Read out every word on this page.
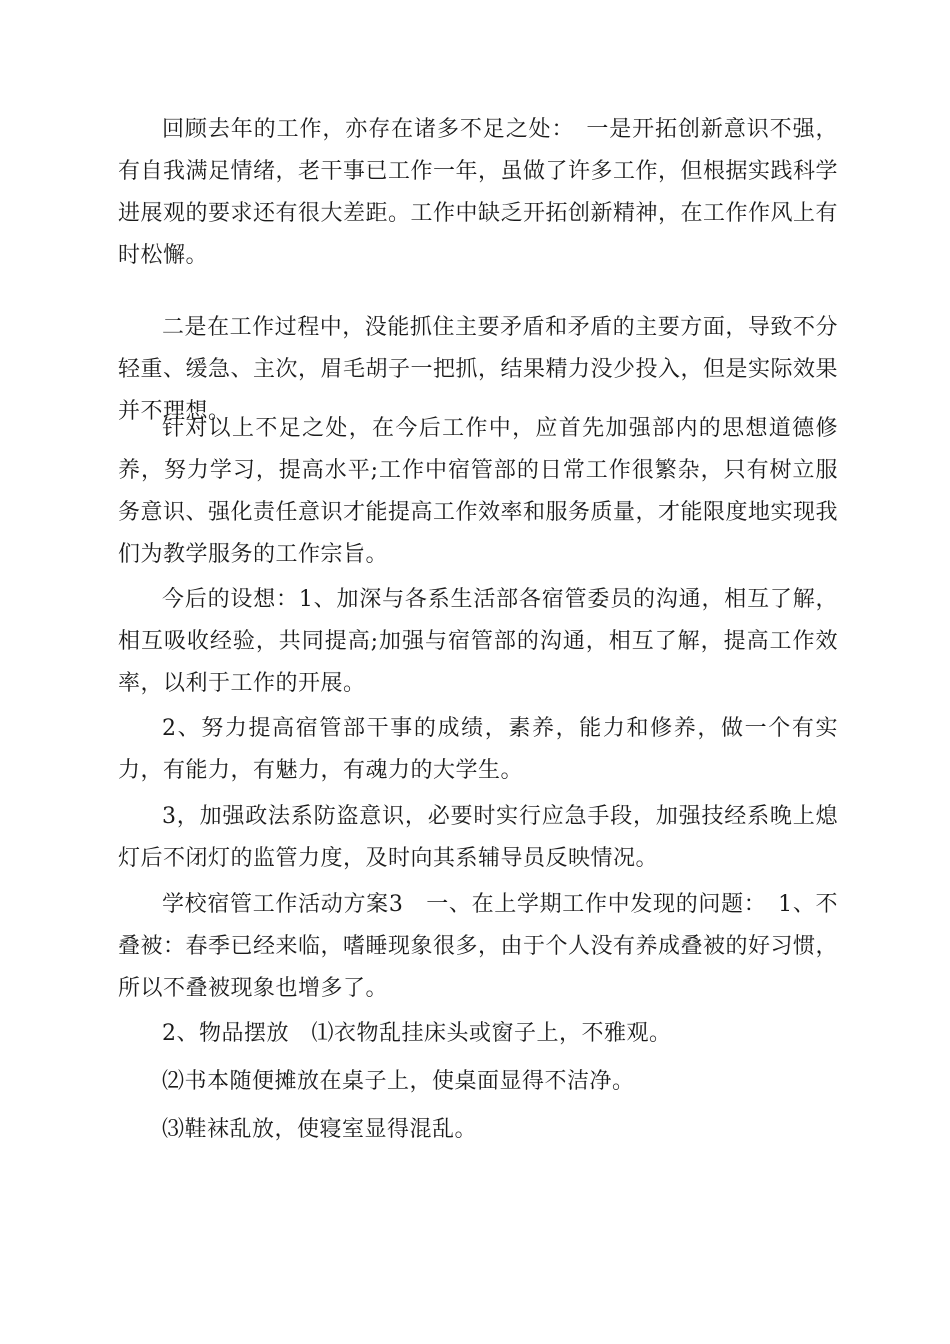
回顾去年的工作，亦存在诸多不足之处：　一是开拓创新意识不强，有自我满足情绪，老干事已工作一年，虽做了许多工作，但根据实践科学进展观的要求还有很大差距。工作中缺乏开拓创新精神，在工作作风上有时松懈。

二是在工作过程中，没能抓住主要矛盾和矛盾的主要方面，导致不分轻重、缓急、主次，眉毛胡子一把抓，结果精力没少投入，但是实际效果并不理想。

针对以上不足之处，在今后工作中，应首先加强部内的思想道德修养，努力学习，提高水平;工作中宿管部的日常工作很繁杂，只有树立服务意识、强化责任意识才能提高工作效率和服务质量，才能限度地实现我们为教学服务的工作宗旨。

今后的设想：1、加深与各系生活部各宿管委员的沟通，相互了解，相互吸收经验，共同提高;加强与宿管部的沟通，相互了解，提高工作效率，以利于工作的开展。

2、努力提高宿管部干事的成绩，素养，能力和修养，做一个有实力，有能力，有魅力，有魂力的大学生。

3，加强政法系防盗意识，必要时实行应急手段，加强技经系晚上熄灯后不闭灯的监管力度，及时向其系辅导员反映情况。

学校宿管工作活动方案3　一、在上学期工作中发现的问题：　1、不叠被：春季已经来临，嗜睡现象很多，由于个人没有养成叠被的好习惯，所以不叠被现象也增多了。

2、物品摆放　⑴衣物乱挂床头或窗子上，不雅观。

⑵书本随便摊放在桌子上，使桌面显得不洁净。

⑶鞋袜乱放，使寝室显得混乱。
